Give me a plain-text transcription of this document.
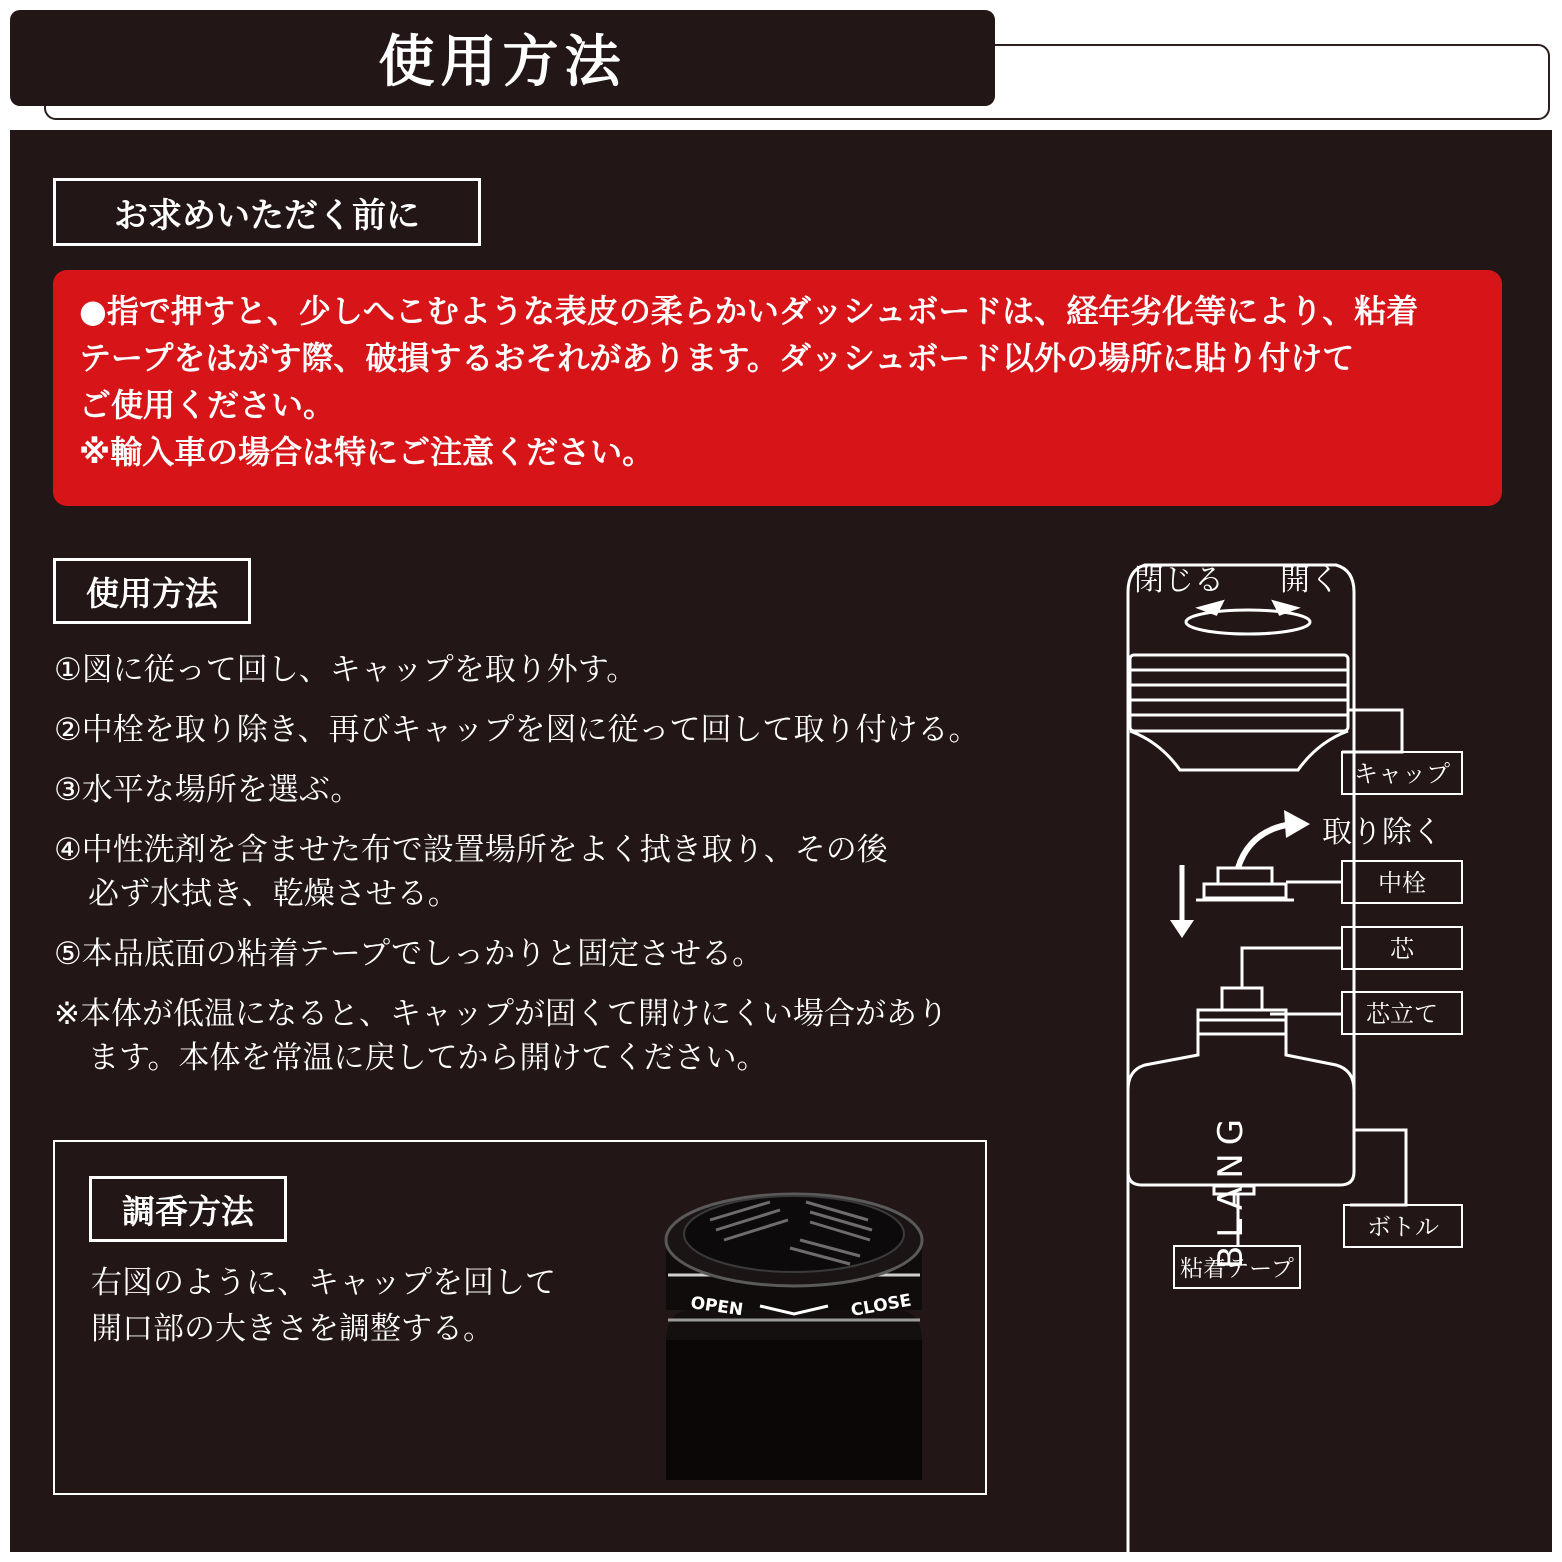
使用方法
お求めいただく前に

●指で押すと、少しへこむような表皮の柔らかいダッシュボードは、経年劣化等により、粘着

テープをはがす際、破損するおそれがあります。ダッシュボード以外の場所に貼り付けて

ご使用ください。

※輸入車の場合は特にご注意ください。

使用方法
①図に従って回し、キャップを取り外す。
②中栓を取り除き、再びキャップを図に従って回して取り付ける。
③水平な場所を選ぶ。
④中性洗剤を含ませた布で設置場所をよく拭き取り、その後
必ず水拭き、乾燥させる。
⑤本品底面の粘着テープでしっかりと固定させる。
※本体が低温になると、キャップが固くて開けにくい場合があり
ます。本体を常温に戻してから開けてください。
調香方法

右図のように、キャップを回して

開口部の大きさを調整する。

OPEN	CLOSE
閉じる 開く
キャップ
取り除く
中栓
芯
芯立て
BLANG	ボトル
粘着テープ
